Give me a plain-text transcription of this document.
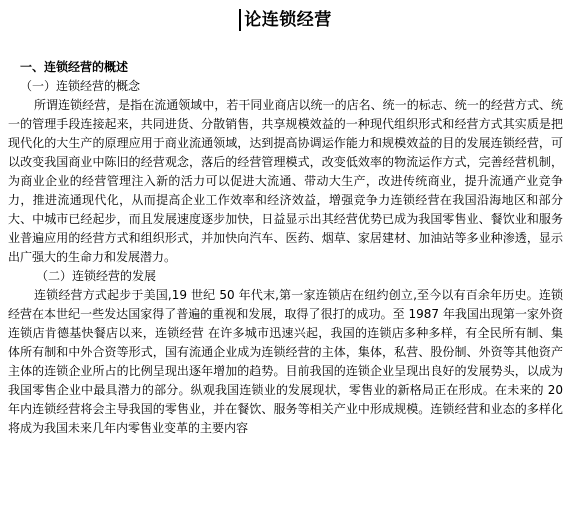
论连锁经营
一、连锁经营的概述
（一）连锁经营的概念

所谓连锁经营，是指在流通领域中，若干同业商店以统一的店名、统一的标志、统一的经营方式、统一的管理手段连接起来，共同进货、分散销售，共享规模效益的一种现代组织形式和经营方式其实质是把现代化的大生产的原理应用于商业流通领域，达到提高协调运作能力和规模效益的目的发展连锁经营，可以改变我国商业中陈旧的经营观念，落后的经营管理模式，改变低效率的物流运作方式，完善经营机制，为商业企业的经营管理注入新的活力可以促进大流通、带动大生产，改进传统商业，提升流通产业竞争力，推进流通现代化，从而提高企业工作效率和经济效益，增强竞争力连锁经营在我国沿海地区和部分大、中城市已经起步，而且发展速度逐步加快，日益显示出其经营优势已成为我国零售业、餐饮业和服务业普遍应用的经营方式和组织形式，并加快向汽车、医药、烟草、家居建材、加油站等多业种渗透，显示出广强大的生命力和发展潜力。

（二）连锁经营的发展

连锁经营方式起步于美国,19 世纪 50 年代末,第一家连锁店在纽约创立,至今以有百余年历史。连锁经营在本世纪一些发达国家得了普遍的重视和发展，取得了很打的成功。至 1987 年我国出现第一家外资连锁店肯德基快餐店以来，连锁经营 在许多城市迅速兴起，我国的连锁店多种多样，有全民所有制、集体所有制和中外合资等形式，国有流通企业成为连锁经营的主体，集体，私营、股份制、外资等其他资产主体的连锁企业所占的比例呈现出逐年增加的趋势。目前我国的连锁企业呈现出良好的发展势头，以成为我国零售企业中最具潜力的部分。纵观我国连锁业的发展现状，零售业的新格局正在形成。在未来的 20 年内连锁经营将会主导我国的零售业，并在餐饮、服务等相关产业中形成规模。连锁经营和业态的多样化将成为我国未来几年内零售业变革的主要内容
